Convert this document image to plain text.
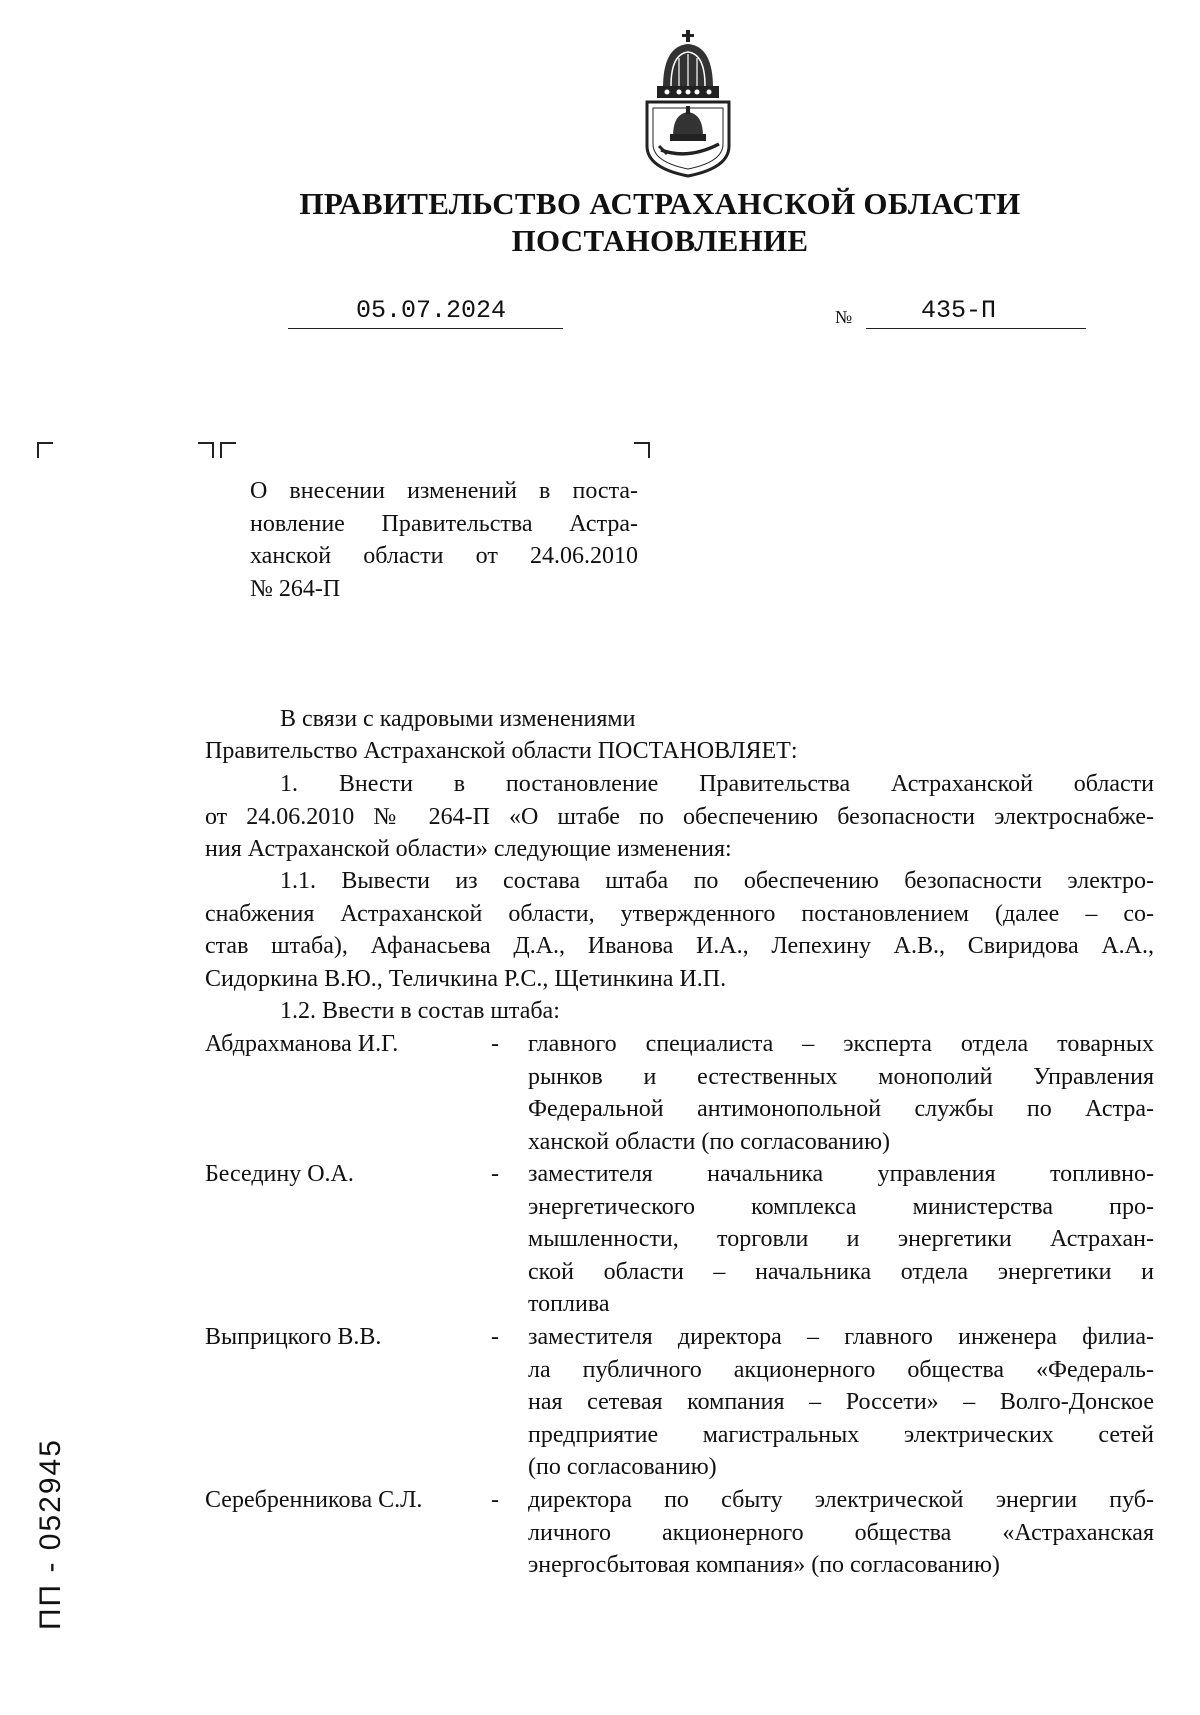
ПРАВИТЕЛЬСТВО АСТРАХАНСКОЙ ОБЛАСТИ
ПОСТАНОВЛЕНИЕ
05.07.2024	№	435-П
О внесении изменений в поста-
новление Правительства Астра-
ханской области от 24.06.2010
№ 264-П
В связи с кадровыми изменениями
Правительство Астраханской области ПОСТАНОВЛЯЕТ:
1. Внести в постановление Правительства Астраханской области
от 24.06.2010 № 264-П «О штабе по обеспечению безопасности электроснабже-
ния Астраханской области» следующие изменения:
1.1. Вывести из состава штаба по обеспечению безопасности электро-
снабжения Астраханской области, утвержденного постановлением (далее – со-
став штаба), Афанасьева Д.А., Иванова И.А., Лепехину А.В., Свиридова А.А.,
Сидоркина В.Ю., Теличкина Р.С., Щетинкина И.П.
1.2. Ввести в состав штаба:
Абдрахманова И.Г.	- главного специалиста – эксперта отдела товарных
рынков и естественных монополий Управления
Федеральной антимонопольной службы по Астра-
ханской области (по согласованию)
Беседину О.А.	- заместителя начальника управления топливно-
энергетического комплекса министерства про-
мышленности, торговли и энергетики Астрахан-
ской области – начальника отдела энергетики и
топлива
Выприцкого В.В.	- заместителя директора – главного инженера филиа-
ла публичного акционерного общества «Федераль-
ная сетевая компания – Россети» – Волго-Донское
предприятие магистральных электрических сетей
(по согласованию)
Серебренникова С.Л.	- директора по сбыту электрической энергии пуб-
личного акционерного общества «Астраханская
энергосбытовая компания» (по согласованию)
ПП - 052945
